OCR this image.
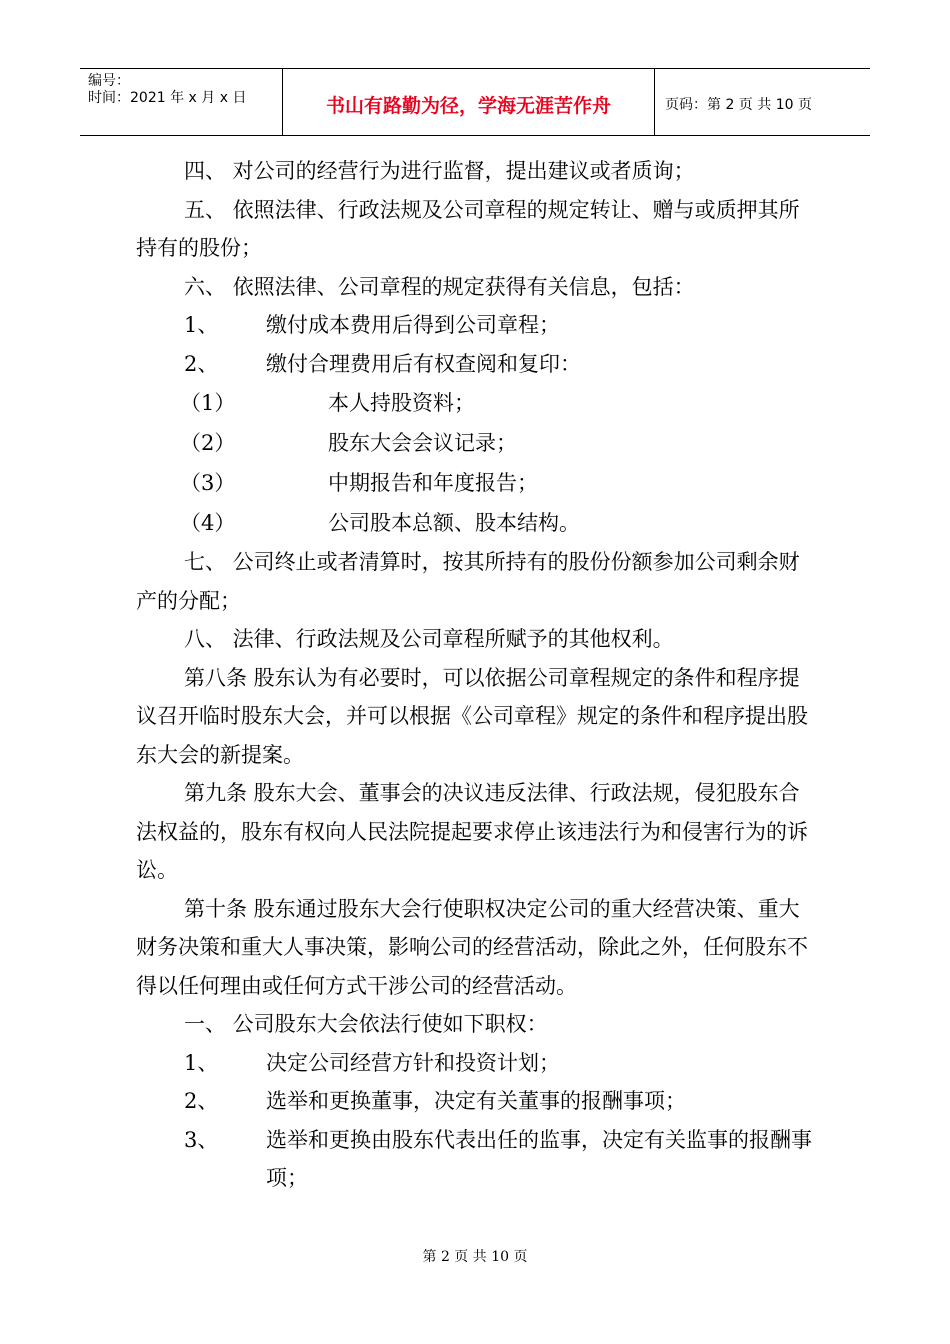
编号：
时间：2021 年 x 月 x 日	书山有路勤为径，学海无涯苦作舟	页码：第 2 页 共 10 页

四、 对公司的经营行为进行监督，提出建议或者质询；

五、 依照法律、行政法规及公司章程的规定转让、赠与或质押其所持有的股份；

六、 依照法律、公司章程的规定获得有关信息，包括：

1、	缴付成本费用后得到公司章程；
2、	缴付合理费用后有权查阅和复印：
（1）	本人持股资料；
（2）	股东大会会议记录；
（3）	中期报告和年度报告；
（4）	公司股本总额、股本结构。

七、 公司终止或者清算时，按其所持有的股份份额参加公司剩余财产的分配；

八、 法律、行政法规及公司章程所赋予的其他权利。

第八条 股东认为有必要时，可以依据公司章程规定的条件和程序提议召开临时股东大会，并可以根据《公司章程》规定的条件和程序提出股东大会的新提案。

第九条 股东大会、董事会的决议违反法律、行政法规，侵犯股东合法权益的，股东有权向人民法院提起要求停止该违法行为和侵害行为的诉讼。

第十条 股东通过股东大会行使职权决定公司的重大经营决策、重大财务决策和重大人事决策，影响公司的经营活动，除此之外，任何股东不得以任何理由或任何方式干涉公司的经营活动。

一、 公司股东大会依法行使如下职权：

1、	决定公司经营方针和投资计划；
2、	选举和更换董事，决定有关董事的报酬事项；
3、	选举和更换由股东代表出任的监事，决定有关监事的报酬事项；
第 2 页 共 10 页
